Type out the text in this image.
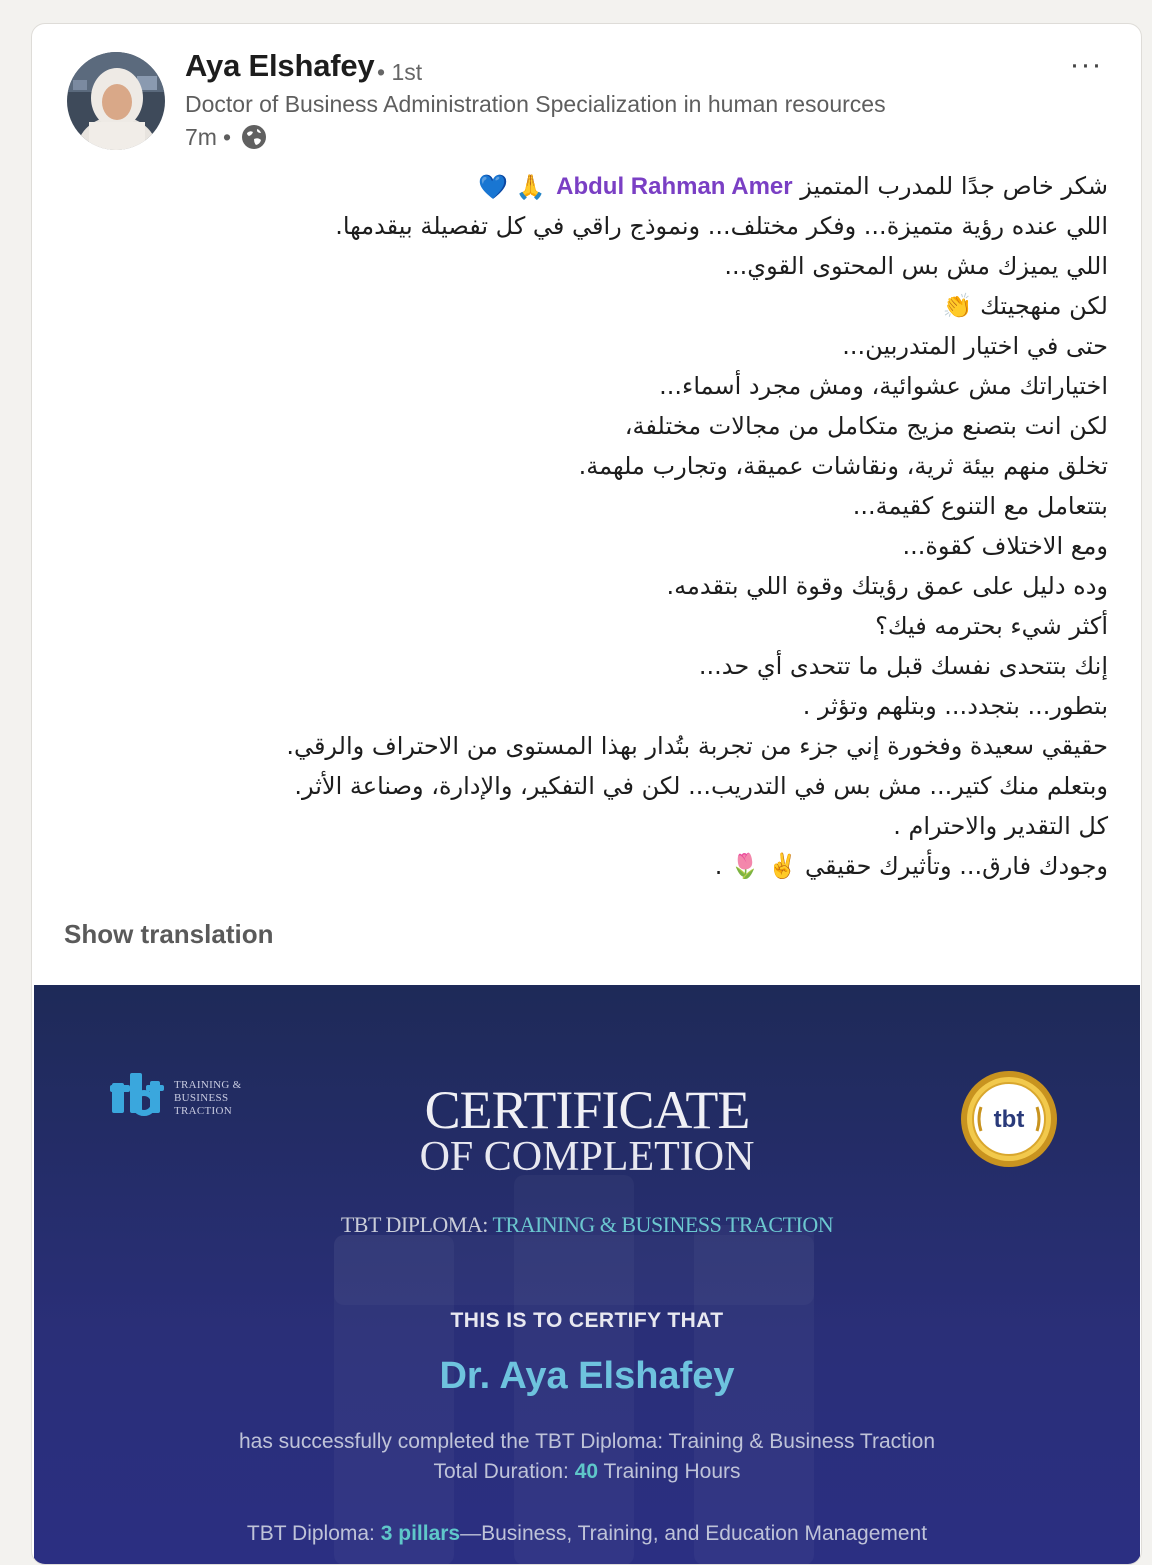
Aya Elshafey • 1st
Doctor of Business Administration Specialization in human resources
7m •
···
شكر خاص جدًا للمدرب المتميز Abdul Rahman Amer 🙏 💙
اللي عنده رؤية متميزة... وفكر مختلف... ونموذج راقي في كل تفصيلة بيقدمها.
اللي يميزك مش بس المحتوى القوي...
لكن منهجيتك 👏
حتى في اختيار المتدربين...
اختياراتك مش عشوائية، ومش مجرد أسماء...
لكن انت بتصنع مزيج متكامل من مجالات مختلفة،
تخلق منهم بيئة ثرية، ونقاشات عميقة، وتجارب ملهمة.
بتتعامل مع التنوع كقيمة...
ومع الاختلاف كقوة...
وده دليل على عمق رؤيتك وقوة اللي بتقدمه.
أكثر شيء بحترمه فيك؟
إنك بتتحدى نفسك قبل ما تتحدى أي حد...
بتطور... بتجدد... وبتلهم وتؤثر .
حقيقي سعيدة وفخورة إني جزء من تجربة بتُدار بهذا المستوى من الاحتراف والرقي.
وبتعلم منك كتير... مش بس في التدريب... لكن في التفكير، والإدارة، وصناعة الأثر.
كل التقدير والاحترام .
وجودك فارق... وتأثيرك حقيقي ✌️ 🌷 .
Show translation
TRAINING & BUSINESS TRACTION	CERTIFICATE
OF COMPLETION
TBT DIPLOMA: TRAINING & BUSINESS TRACTION
tbt
THIS IS TO CERTIFY THAT
Dr. Aya Elshafey
has successfully completed the TBT Diploma: Training & Business Traction
Total Duration: 40 Training Hours
TBT Diploma: 3 pillars—Business, Training, and Education Management
